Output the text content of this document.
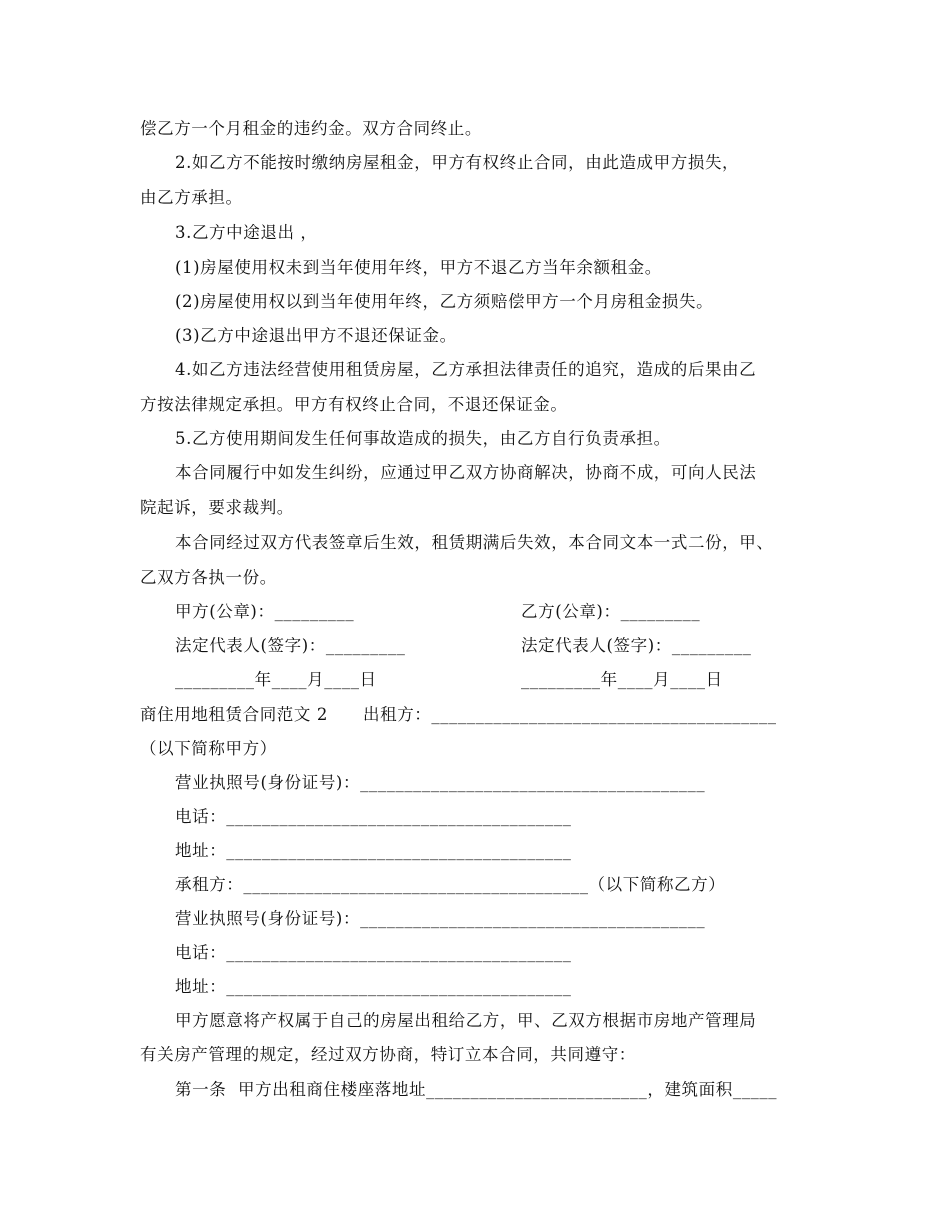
偿乙方一个月租金的违约金。双方合同终止。
2.如乙方不能按时缴纳房屋租金，甲方有权终止合同，由此造成甲方损失，
由乙方承担。
3.乙方中途退出 ，
(1)房屋使用权未到当年使用年终，甲方不退乙方当年余额租金。
(2)房屋使用权以到当年使用年终，乙方须赔偿甲方一个月房租金损失。
(3)乙方中途退出甲方不退还保证金。
4.如乙方违法经营使用租赁房屋，乙方承担法律责任的追究，造成的后果由乙
方按法律规定承担。甲方有权终止合同，不退还保证金。
5.乙方使用期间发生任何事故造成的损失，由乙方自行负责承担。
本合同履行中如发生纠纷，应通过甲乙双方协商解决，协商不成，可向人民法
院起诉，要求裁判。
本合同经过双方代表签章后生效，租赁期满后失效，本合同文本一式二份，甲、
乙双方各执一份。
甲方(公章)：_________	乙方(公章)：_________
法定代表人(签字)：_________	法定代表人(签字)：_________
_________年____月____日	_________年____月____日
商住用地租赁合同范文 2      出租方：_______________________________________
（以下简称甲方）
营业执照号(身份证号)：_______________________________________
电话：_______________________________________
地址：_______________________________________
承租方：_______________________________________（以下简称乙方）
营业执照号(身份证号)：_______________________________________
电话：_______________________________________
地址：_______________________________________
甲方愿意将产权属于自己的房屋出租给乙方，甲、乙双方根据市房地产管理局
有关房产管理的规定，经过双方协商，特订立本合同，共同遵守：
第一条  甲方出租商住楼座落地址_________________________，建筑面积_____
